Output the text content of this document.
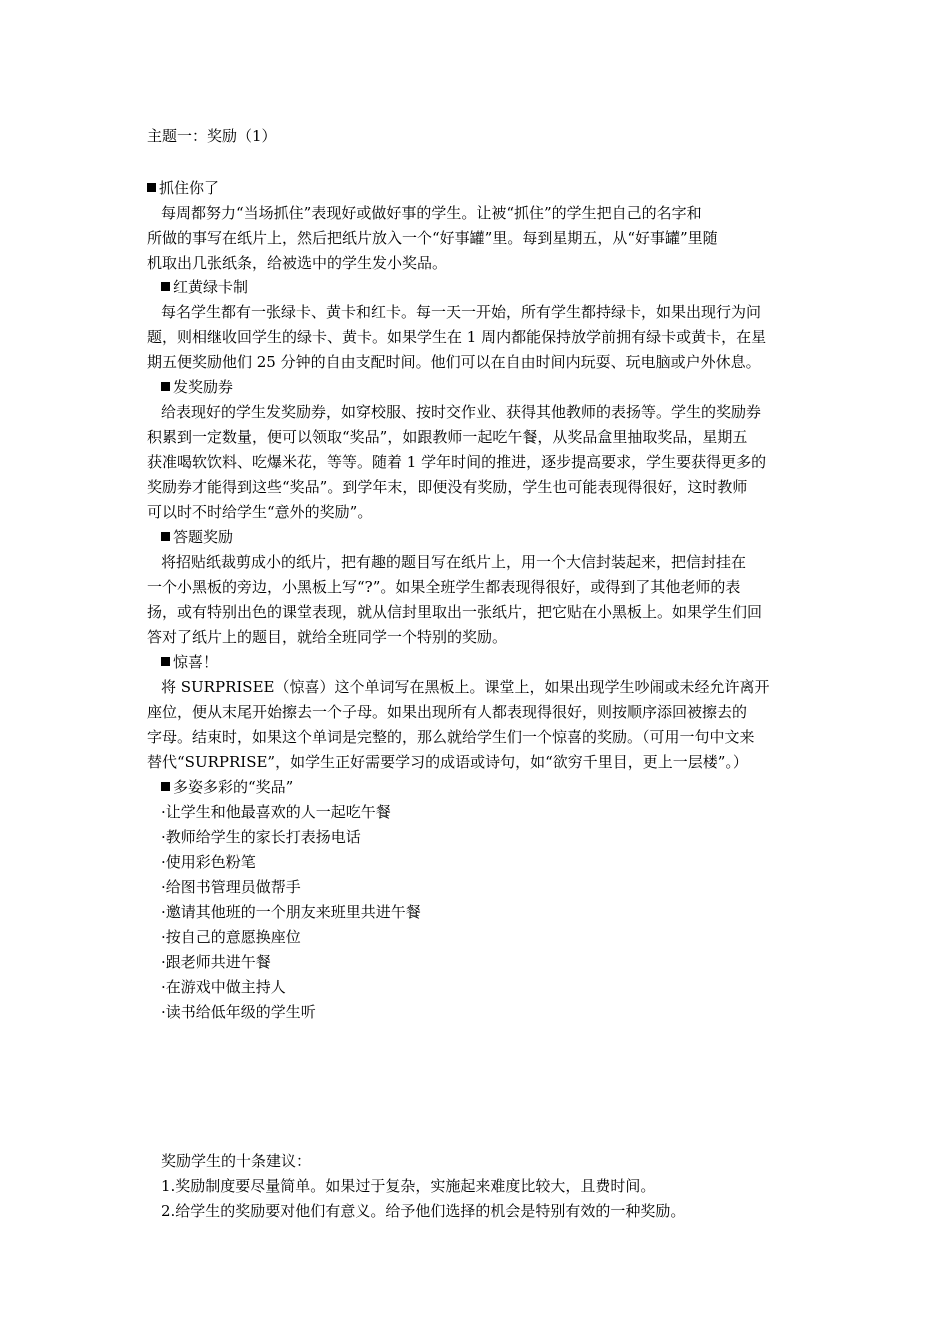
主题一：奖励（1）
抓住你了
每周都努力“当场抓住”表现好或做好事的学生。让被“抓住”的学生把自己的名字和
所做的事写在纸片上，然后把纸片放入一个“好事罐”里。每到星期五，从“好事罐”里随
机取出几张纸条，给被选中的学生发小奖品。
红黄绿卡制
每名学生都有一张绿卡、黄卡和红卡。每一天一开始，所有学生都持绿卡，如果出现行为问
题，则相继收回学生的绿卡、黄卡。如果学生在 1 周内都能保持放学前拥有绿卡或黄卡，在星
期五便奖励他们 25 分钟的自由支配时间。他们可以在自由时间内玩耍、玩电脑或户外休息。
发奖励券
给表现好的学生发奖励券，如穿校服、按时交作业、获得其他教师的表扬等。学生的奖励券
积累到一定数量，便可以领取“奖品”，如跟教师一起吃午餐，从奖品盒里抽取奖品，星期五
获准喝软饮料、吃爆米花，等等。随着 1 学年时间的推进，逐步提高要求，学生要获得更多的
奖励券才能得到这些“奖品”。到学年末，即便没有奖励，学生也可能表现得很好，这时教师
可以时不时给学生“意外的奖励”。
答题奖励
将招贴纸裁剪成小的纸片，把有趣的题目写在纸片上，用一个大信封装起来，把信封挂在
一个小黑板的旁边，小黑板上写“?”。如果全班学生都表现得很好，或得到了其他老师的表
扬，或有特别出色的课堂表现，就从信封里取出一张纸片，把它贴在小黑板上。如果学生们回
答对了纸片上的题目，就给全班同学一个特别的奖励。
惊喜！
将 SURPRISEE（惊喜）这个单词写在黑板上。课堂上，如果出现学生吵闹或未经允许离开
座位，便从末尾开始擦去一个子母。如果出现所有人都表现得很好，则按顺序添回被擦去的
字母。结束时，如果这个单词是完整的，那么就给学生们一个惊喜的奖励。（可用一句中文来
替代“SURPRISE”，如学生正好需要学习的成语或诗句，如“欲穷千里目，更上一层楼”。）
多姿多彩的“奖品”
·让学生和他最喜欢的人一起吃午餐
·教师给学生的家长打表扬电话
·使用彩色粉笔
·给图书管理员做帮手
·邀请其他班的一个朋友来班里共进午餐
·按自己的意愿换座位
·跟老师共进午餐
·在游戏中做主持人
·读书给低年级的学生听
奖励学生的十条建议：
1.奖励制度要尽量简单。如果过于复杂，实施起来难度比较大，且费时间。
2.给学生的奖励要对他们有意义。给予他们选择的机会是特别有效的一种奖励。
